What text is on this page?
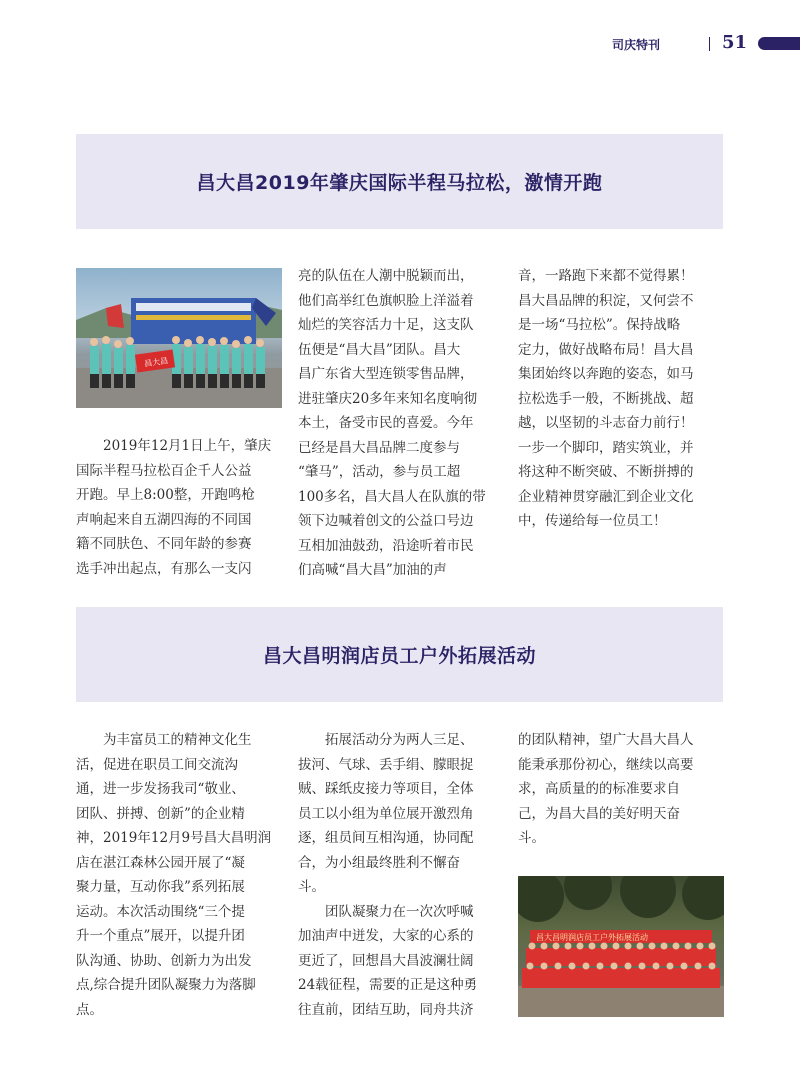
司庆特刊	51
昌大昌2019年肇庆国际半程马拉松，激情开跑
昌大昌
2019年12月1日上午，肇庆
国际半程马拉松百企千人公益
开跑。早上8:00整，开跑鸣枪
声响起来自五湖四海的不同国
籍不同肤色、不同年龄的参赛
选手冲出起点，有那么一支闪
亮的队伍在人潮中脱颖而出，
他们高举红色旗帜脸上洋溢着
灿烂的笑容活力十足，这支队
伍便是“昌大昌”团队。昌大
昌广东省大型连锁零售品牌，
进驻肇庆20多年来知名度响彻
本土，备受市民的喜爱。今年
已经是昌大昌品牌二度参与
“肇马”，活动，参与员工超
100多名，昌大昌人在队旗的带
领下边喊着创文的公益口号边
互相加油鼓劲，沿途听着市民
们高喊“昌大昌”加油的声
音，一路跑下来都不觉得累！
昌大昌品牌的积淀，又何尝不
是一场“马拉松”。保持战略
定力，做好战略布局！昌大昌
集团始终以奔跑的姿态，如马
拉松选手一般，不断挑战、超
越，以坚韧的斗志奋力前行！
一步一个脚印，踏实筑业，并
将这种不断突破、不断拼搏的
企业精神贯穿融汇到企业文化
中，传递给每一位员工！
昌大昌明润店员工户外拓展活动
为丰富员工的精神文化生
活，促进在职员工间交流沟
通，进一步发扬我司“敬业、
团队、拼搏、创新”的企业精
神，2019年12月9号昌大昌明润
店在湛江森林公园开展了“凝
聚力量，互动你我”系列拓展
运动。本次活动围绕“三个提
升一个重点”展开，以提升团
队沟通、协助、创新力为出发
点,综合提升团队凝聚力为落脚
点。
拓展活动分为两人三足、
拔河、气球、丢手绢、朦眼捉
贼、踩纸皮接力等项目，全体
员工以小组为单位展开激烈角
逐，组员间互相沟通，协同配
合，为小组最终胜利不懈奋
斗。
团队凝聚力在一次次呼喊
加油声中迸发，大家的心系的
更近了，回想昌大昌波澜壮阔
24载征程，需要的正是这种勇
往直前，团结互助，同舟共济
的团队精神，望广大昌大昌人
能秉承那份初心，继续以高要
求，高质量的的标准要求自
己，为昌大昌的美好明天奋
斗。
昌大昌明润店员工户外拓展活动
